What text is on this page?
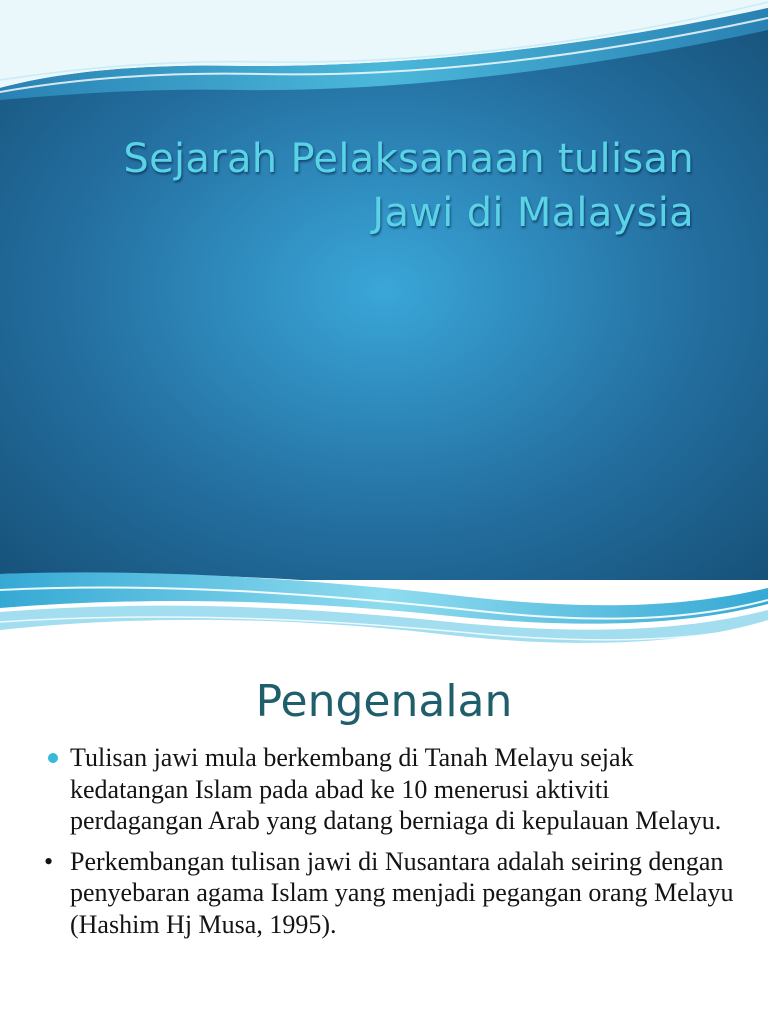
Sejarah Pelaksanaan tulisan
Jawi di Malaysia
Pengenalan
Tulisan jawi mula berkembang di Tanah Melayu sejak kedatangan Islam pada abad ke 10 menerusi aktiviti perdagangan Arab yang datang berniaga di kepulauan Melayu.
• Perkembangan tulisan jawi di Nusantara adalah seiring dengan penyebaran agama Islam yang menjadi pegangan orang Melayu (Hashim Hj Musa, 1995).
